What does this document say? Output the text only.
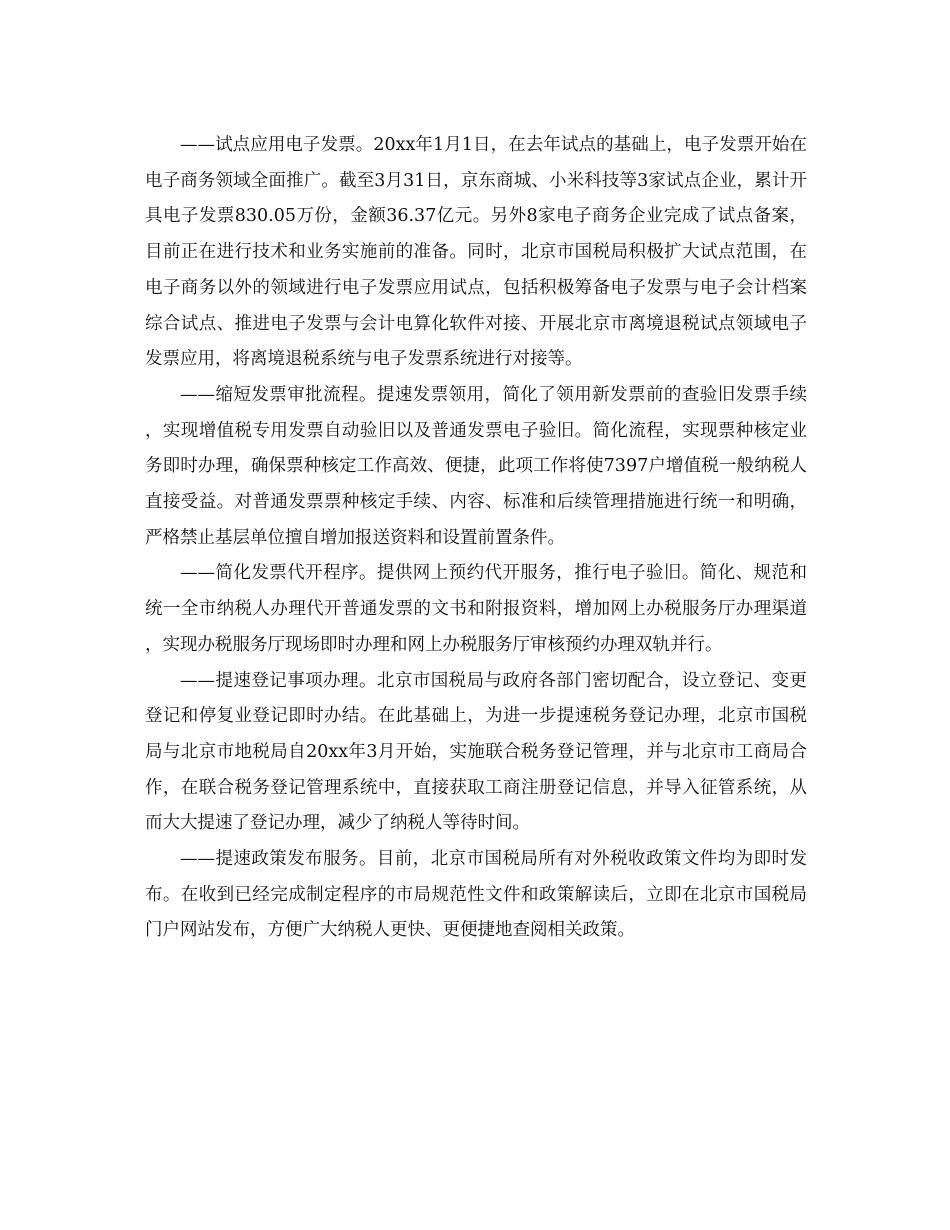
——试点应用电子发票。20xx年1月1日，在去年试点的基础上，电子发票开始在电子商务领域全面推广。截至3月31日，京东商城、小米科技等3家试点企业，累计开具电子发票830.05万份，金额36.37亿元。另外8家电子商务企业完成了试点备案，目前正在进行技术和业务实施前的准备。同时，北京市国税局积极扩大试点范围，在电子商务以外的领域进行电子发票应用试点，包括积极筹备电子发票与电子会计档案综合试点、推进电子发票与会计电算化软件对接、开展北京市离境退税试点领域电子发票应用，将离境退税系统与电子发票系统进行对接等。

——缩短发票审批流程。提速发票领用，简化了领用新发票前的查验旧发票手续，实现增值税专用发票自动验旧以及普通发票电子验旧。简化流程，实现票种核定业务即时办理，确保票种核定工作高效、便捷，此项工作将使7397户增值税一般纳税人直接受益。对普通发票票种核定手续、内容、标准和后续管理措施进行统一和明确，严格禁止基层单位擅自增加报送资料和设置前置条件。

——简化发票代开程序。提供网上预约代开服务，推行电子验旧。简化、规范和统一全市纳税人办理代开普通发票的文书和附报资料，增加网上办税服务厅办理渠道，实现办税服务厅现场即时办理和网上办税服务厅审核预约办理双轨并行。

——提速登记事项办理。北京市国税局与政府各部门密切配合，设立登记、变更登记和停复业登记即时办结。在此基础上，为进一步提速税务登记办理，北京市国税局与北京市地税局自20xx年3月开始，实施联合税务登记管理，并与北京市工商局合作，在联合税务登记管理系统中，直接获取工商注册登记信息，并导入征管系统，从而大大提速了登记办理，减少了纳税人等待时间。

——提速政策发布服务。目前，北京市国税局所有对外税收政策文件均为即时发布。在收到已经完成制定程序的市局规范性文件和政策解读后，立即在北京市国税局门户网站发布，方便广大纳税人更快、更便捷地查阅相关政策。
